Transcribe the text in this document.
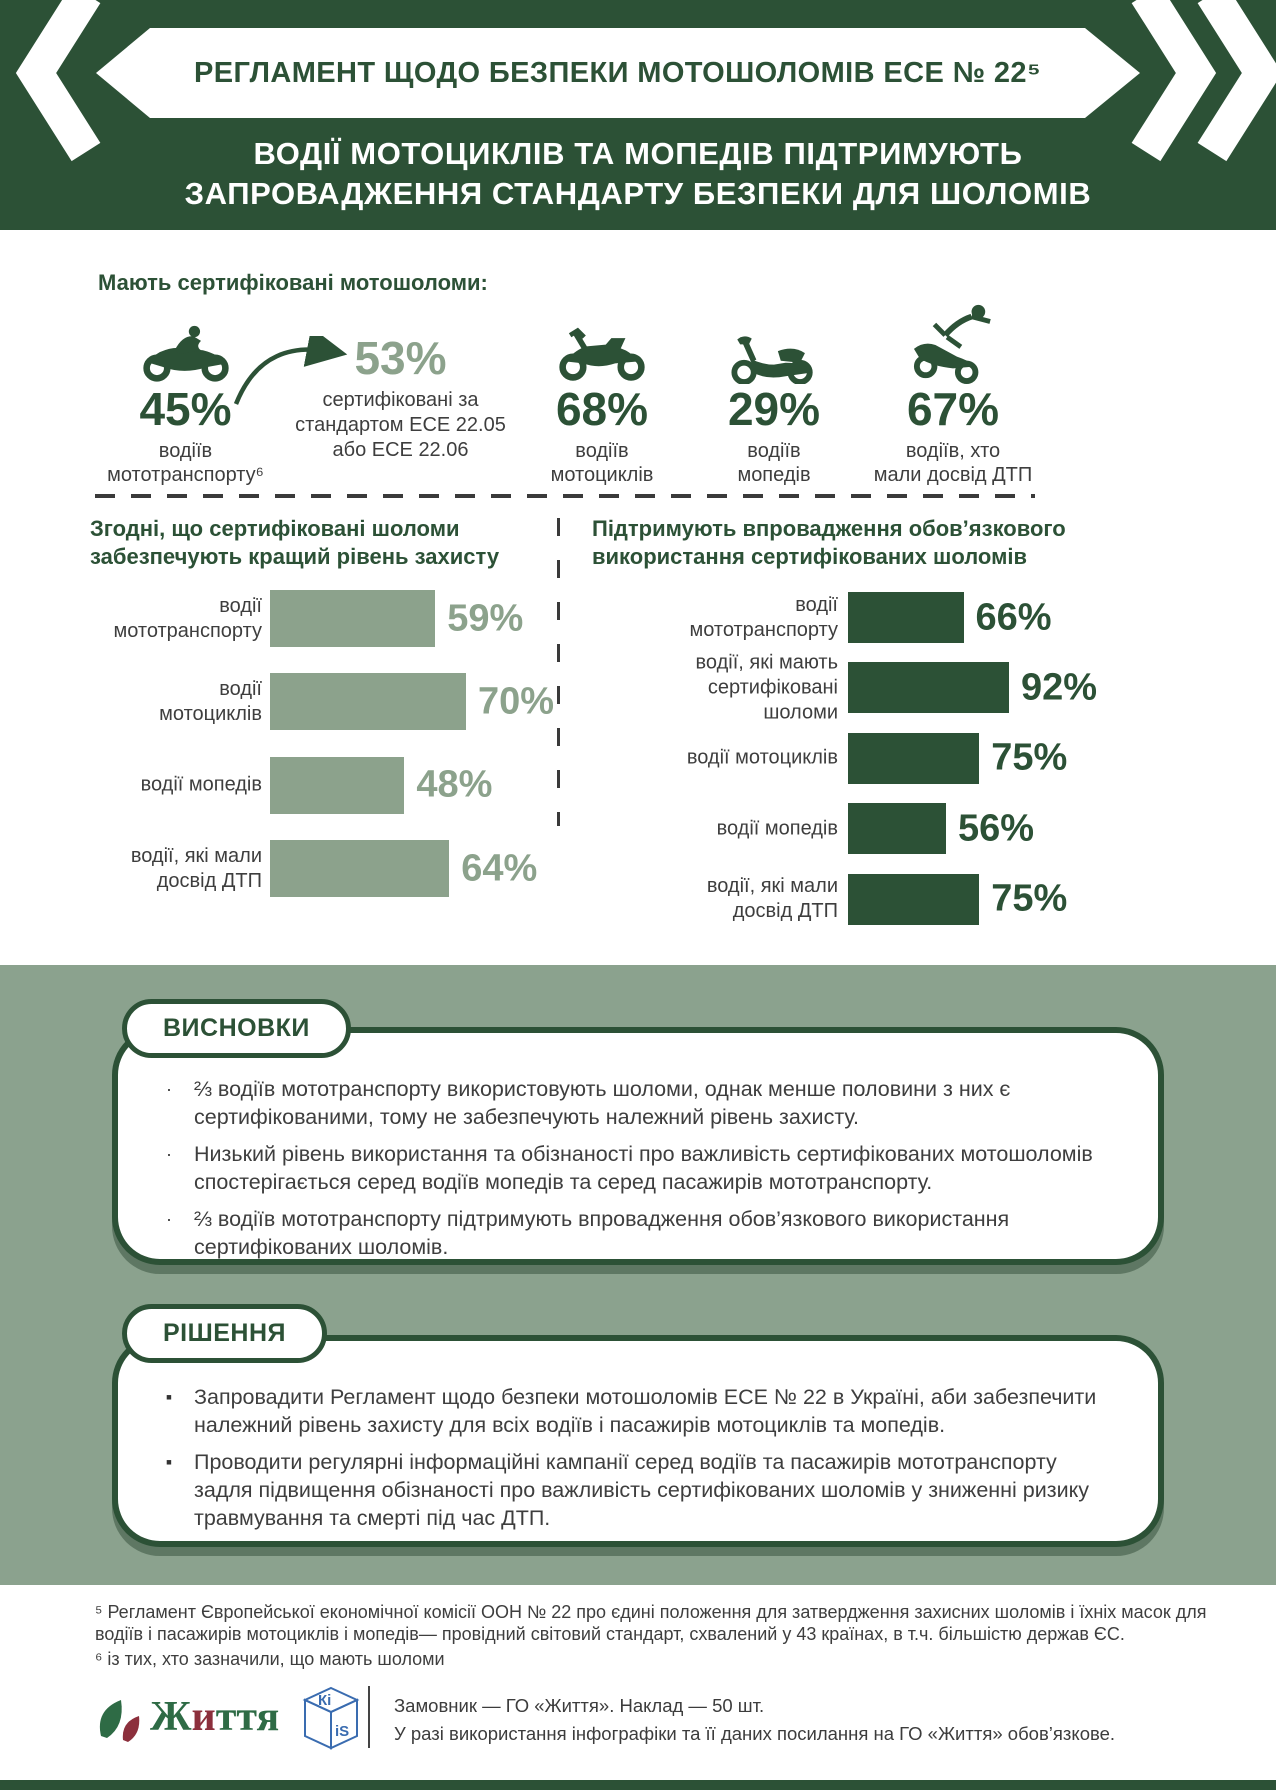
РЕГЛАМЕНТ ЩОДО БЕЗПЕКИ МОТОШОЛОМІВ ECE № 22⁵
ВОДІЇ МОТОЦИКЛІВ ТА МОПЕДІВ ПІДТРИМУЮТЬ
ЗАПРОВАДЖЕННЯ СТАНДАРТУ БЕЗПЕКИ ДЛЯ ШОЛОМІВ
Мають сертифіковані мотошоломи:
45%
водіїв
мототранспорту⁶
53%
сертифіковані за
стандартом ECE 22.05
або ECE 22.06
68%
водіїв
мотоциклів
29%
водіїв
мопедів
67%
водіїв, хто
мали досвід ДТП
Згодні, що сертифіковані шоломи
забезпечують кращий рівень захисту
водії
мототранспорту	59%
водії
мотоциклів	70%
водії мопедів	48%
водії, які мали
досвід ДТП	64%
Підтримують впровадження обов’язкового
використання сертифікованих шоломів
водії
мототранспорту	66%
водії, які мають
сертифіковані
шоломи
92%
водії мотоциклів	75%
водії мопедів	56%
водії, які мали
досвід ДТП	75%
ВИСНОВКИ
·	⅔ водіїв мототранспорту використовують шоломи, однак менше половини з них є сертифікованими, тому не забезпечують належний рівень захисту.

·	Низький рівень використання та обізнаності про важливість сертифікованих мотошоломів спостерігається серед водіїв мопедів та серед пасажирів мототранспорту.

·	⅔ водіїв мототранспорту підтримують впровадження обов’язкового використання сертифікованих шоломів.

РІШЕННЯ
▪	Запровадити Регламент щодо безпеки мотошоломів ECE № 22 в Україні, аби забезпечити належний рівень захисту для всіх водіїв і пасажирів мотоциклів та мопедів.

▪	Проводити регулярні інформаційні кампанії серед водіїв та пасажирів мототранспорту задля підвищення обізнаності про важливість сертифікованих шоломів у зниженні ризику травмування та смерті під час ДТП.

⁵ Регламент Європейської економічної комісії ООН № 22 про єдині положення для затвердження захисних шоломів і їхніх масок для водіїв і пасажирів мотоциклів і мопедів— провідний світовий стандарт, схвалений у 43 країнах, в т.ч. більшістю держав ЄС.

⁶ із тих, хто зазначили, що мають шоломи

Життя	Кі
іS
Замовник — ГО «Життя». Наклад — 50 шт.
У разі використання інфографіки та її даних посилання на ГО «Життя» обов’язкове.
